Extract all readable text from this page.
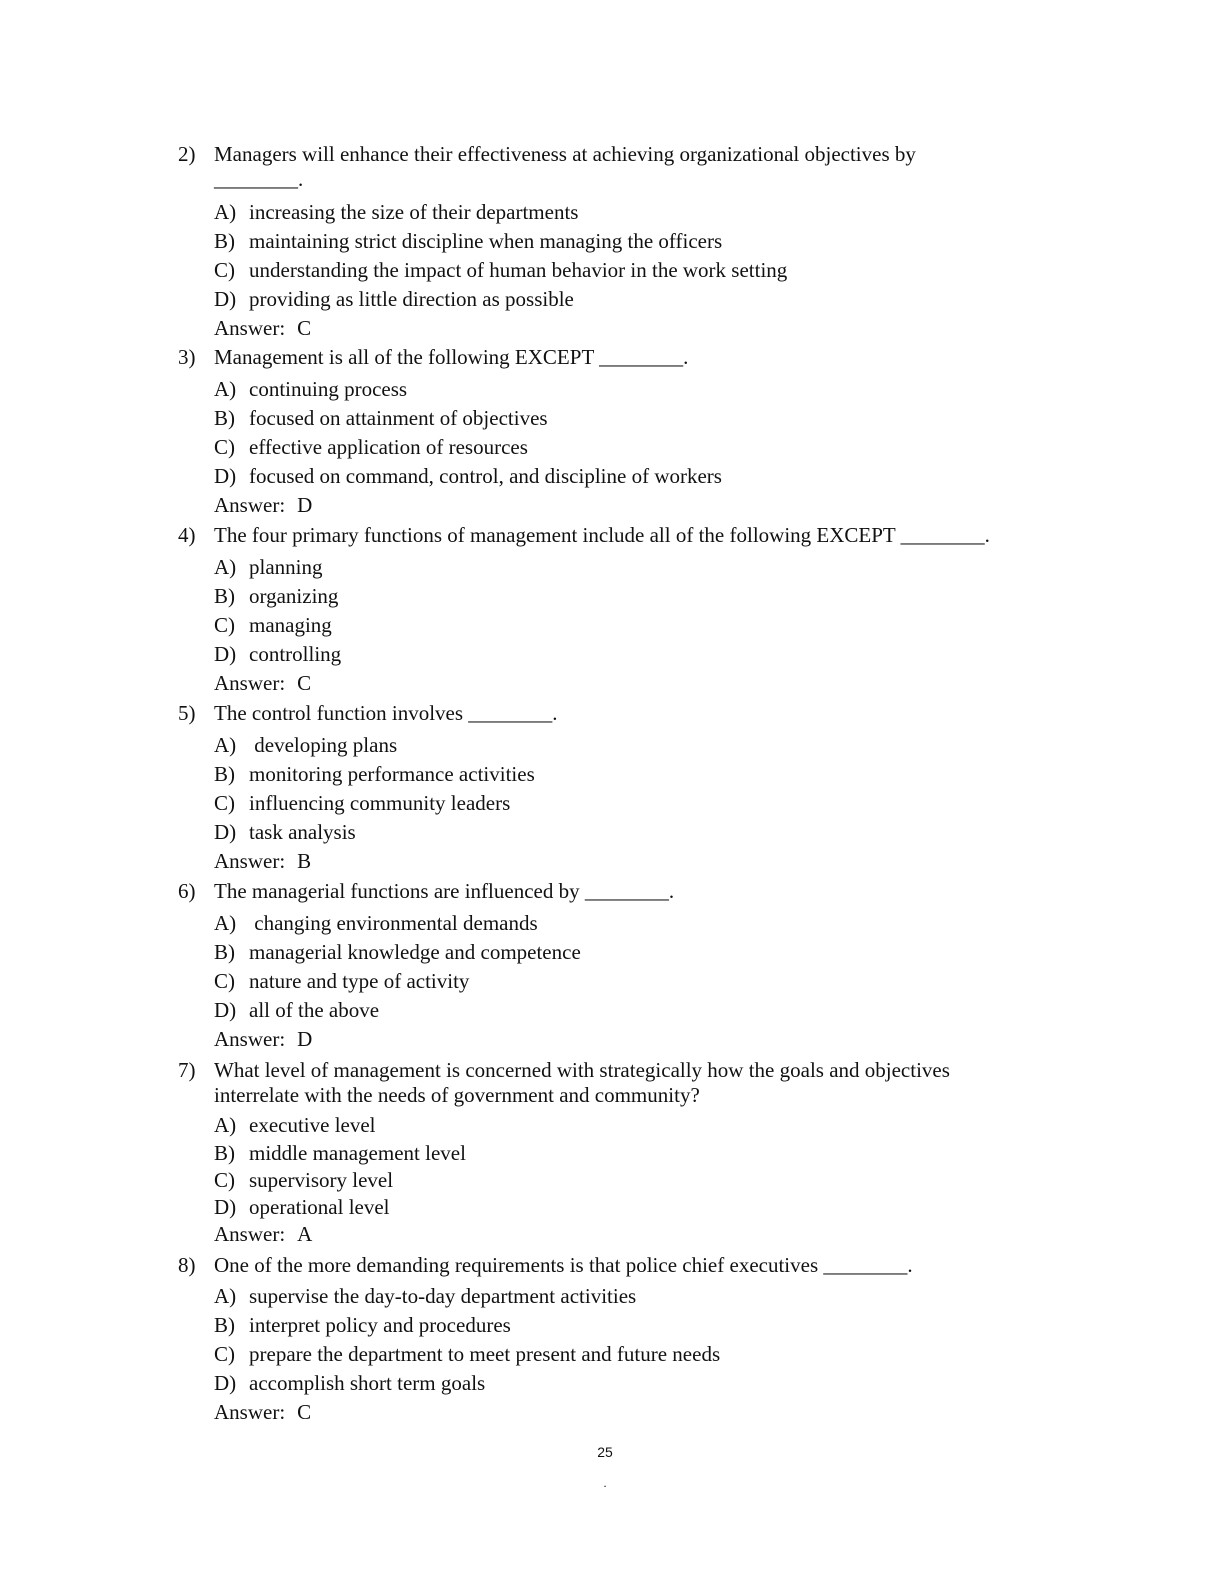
2) Managers will enhance their effectiveness at achieving organizational objectives by ________.
A) increasing the size of their departments
B) maintaining strict discipline when managing the officers
C) understanding the impact of human behavior in the work setting
D) providing as little direction as possible
Answer: C
3) Management is all of the following EXCEPT ________.
A) continuing process
B) focused on attainment of objectives
C) effective application of resources
D) focused on command, control, and discipline of workers
Answer: D
4) The four primary functions of management include all of the following EXCEPT ________.
A) planning
B) organizing
C) managing
D) controlling
Answer: C
5) The control function involves ________.
A) developing plans
B) monitoring performance activities
C) influencing community leaders
D) task analysis
Answer: B
6) The managerial functions are influenced by ________.
A) changing environmental demands
B) managerial knowledge and competence
C) nature and type of activity
D) all of the above
Answer: D
7) What level of management is concerned with strategically how the goals and objectives interrelate with the needs of government and community?
A) executive level
B) middle management level
C) supervisory level
D) operational level
Answer: A
8) One of the more demanding requirements is that police chief executives ________.
A) supervise the day-to-day department activities
B) interpret policy and procedures
C) prepare the department to meet present and future needs
D) accomplish short term goals
Answer: C
25
.
